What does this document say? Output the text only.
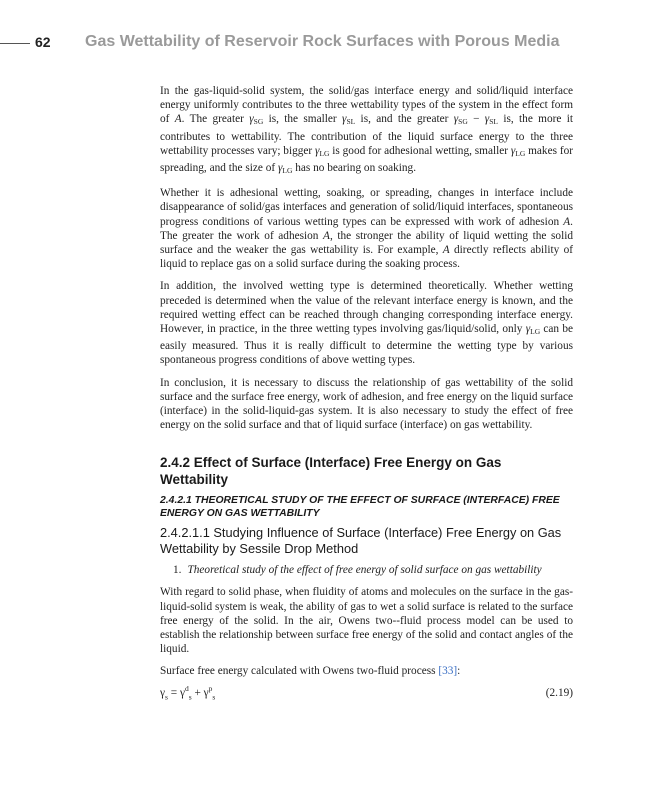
62 Gas Wettability of Reservoir Rock Surfaces with Porous Media

In the gas-liquid-solid system, the solid/gas interface energy and solid/liquid interface energy uniformly contributes to the three wettability types of the system in the effect form of A. The greater $\gamma_{SG}$ is, the smaller $\gamma_{SL}$ is, and the greater $\gamma_{SG} - \gamma_{SL}$ is, the more it contributes to wettability. The contribution of the liquid surface energy to the three wettability processes vary; bigger $\gamma_{LG}$ is good for adhesional wetting, smaller $\gamma_{LG}$ makes for spreading, and the size of $\gamma_{LG}$ has no bearing on soaking.

Whether it is adhesional wetting, soaking, or spreading, changes in interface include disappearance of solid/gas interfaces and generation of solid/liquid interfaces, spontaneous progress conditions of various wetting types can be expressed with work of adhesion A. The greater the work of adhesion A, the stronger the ability of liquid wetting the solid surface and the weaker the gas wettability is. For example, A directly reflects ability of liquid to replace gas on a solid surface during the soaking process.

In addition, the involved wetting type is determined theoretically. Whether wetting preceded is determined when the value of the relevant interface energy is known, and the required wetting effect can be reached through changing corresponding interface energy. However, in practice, in the three wetting types involving gas/liquid/solid, only $\gamma_{LG}$ can be easily measured. Thus it is really difficult to determine the wetting type by various spontaneous progress conditions of above wetting types.

In conclusion, it is necessary to discuss the relationship of gas wettability of the solid surface and the surface free energy, work of adhesion, and free energy on the liquid surface (interface) in the solid-liquid-gas system. It is also necessary to study the effect of free energy on the solid surface and that of liquid surface (interface) on gas wettability.

2.4.2 Effect of Surface (Interface) Free Energy on Gas Wettability
2.4.2.1 THEORETICAL STUDY OF THE EFFECT OF SURFACE (INTERFACE) FREE ENERGY ON GAS WETTABILITY
2.4.2.1.1 Studying Influence of Surface (Interface) Free Energy on Gas Wettability by Sessile Drop Method
1. Theoretical study of the effect of free energy of solid surface on gas wettability

With regard to solid phase, when fluidity of atoms and molecules on the surface in the gas-liquid-solid system is weak, the ability of gas to wet a solid surface is related to the surface free energy of the solid. In the air, Owens two--fluid process model can be used to establish the relationship between surface free energy of the solid and contact angles of the liquid.

Surface free energy calculated with Owens two-fluid process [33]:

$\gamma_s = \gamma^d_s + \gamma^p_s$	(2.19)
